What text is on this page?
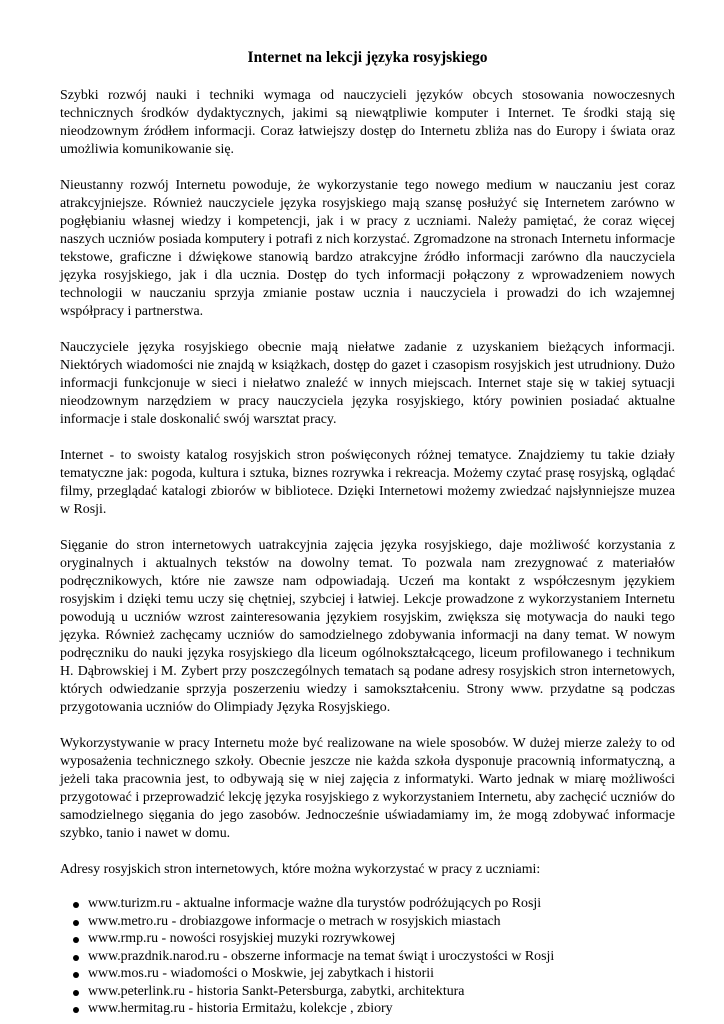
Internet na lekcji języka rosyjskiego

Szybki rozwój nauki i techniki wymaga od nauczycieli języków obcych stosowania nowoczesnych technicznych środków dydaktycznych, jakimi są niewątpliwie komputer i Internet. Te środki stają się nieodzownym źródłem informacji. Coraz łatwiejszy dostęp do Internetu zbliża nas do Europy i świata oraz umożliwia komunikowanie się.

Nieustanny rozwój Internetu powoduje, że wykorzystanie tego nowego medium w nauczaniu jest coraz atrakcyjniejsze. Również nauczyciele języka rosyjskiego mają szansę posłużyć się Internetem zarówno w pogłębianiu własnej wiedzy i kompetencji, jak i w pracy z uczniami. Należy pamiętać, że coraz więcej naszych uczniów posiada komputery i potrafi z nich korzystać. Zgromadzone na stronach Internetu informacje tekstowe, graficzne i dźwiękowe stanowią bardzo atrakcyjne źródło informacji zarówno dla nauczyciela języka rosyjskiego, jak i dla ucznia. Dostęp do tych informacji połączony z wprowadzeniem nowych technologii w nauczaniu sprzyja zmianie postaw ucznia i nauczyciela i prowadzi do ich wzajemnej współpracy i partnerstwa.

Nauczyciele języka rosyjskiego obecnie mają niełatwe zadanie z uzyskaniem bieżących informacji. Niektórych wiadomości nie znajdą w książkach, dostęp do gazet i czasopism rosyjskich jest utrudniony. Dużo informacji funkcjonuje w sieci i niełatwo znaleźć w innych miejscach. Internet staje się w takiej sytuacji nieodzownym narzędziem w pracy nauczyciela języka rosyjskiego, który powinien posiadać aktualne informacje i stale doskonalić swój warsztat pracy.

Internet - to swoisty katalog rosyjskich stron poświęconych różnej tematyce. Znajdziemy tu takie działy tematyczne jak: pogoda, kultura i sztuka, biznes rozrywka i rekreacja. Możemy czytać prasę rosyjską, oglądać filmy, przeglądać katalogi zbiorów w bibliotece. Dzięki Internetowi możemy zwiedzać najsłynniejsze muzea w Rosji.

Sięganie do stron internetowych uatrakcyjnia zajęcia języka rosyjskiego, daje możliwość korzystania z oryginalnych i aktualnych tekstów na dowolny temat. To pozwala nam zrezygnować z materiałów podręcznikowych, które nie zawsze nam odpowiadają. Uczeń ma kontakt z współczesnym językiem rosyjskim i dzięki temu uczy się chętniej, szybciej i łatwiej. Lekcje prowadzone z wykorzystaniem Internetu powodują u uczniów wzrost zainteresowania językiem rosyjskim, zwiększa się motywacja do nauki tego języka. Również zachęcamy uczniów do samodzielnego zdobywania informacji na dany temat. W nowym podręczniku do nauki języka rosyjskiego dla liceum ogólnokształcącego, liceum profilowanego i technikum H. Dąbrowskiej i M. Zybert przy poszczególnych tematach są podane adresy rosyjskich stron internetowych, których odwiedzanie sprzyja poszerzeniu wiedzy i samokształceniu. Strony www. przydatne są podczas przygotowania uczniów do Olimpiady Języka Rosyjskiego.

Wykorzystywanie w pracy Internetu może być realizowane na wiele sposobów. W dużej mierze zależy to od wyposażenia technicznego szkoły. Obecnie jeszcze nie każda szkoła dysponuje pracownią informatyczną, a jeżeli taka pracownia jest, to odbywają się w niej zajęcia z informatyki. Warto jednak w miarę możliwości przygotować i przeprowadzić lekcję języka rosyjskiego z wykorzystaniem Internetu, aby zachęcić uczniów do samodzielnego sięgania do jego zasobów. Jednocześnie uświadamiamy im, że mogą zdobywać informacje szybko, tanio i nawet w domu.

Adresy rosyjskich stron internetowych, które można wykorzystać w pracy z uczniami:

www.turizm.ru - aktualne informacje ważne dla turystów podróżujących po Rosji
www.metro.ru - drobiazgowe informacje o metrach w rosyjskich miastach
www.rmp.ru - nowości rosyjskiej muzyki rozrywkowej
www.prazdnik.narod.ru - obszerne informacje na temat świąt i uroczystości w Rosji
www.mos.ru - wiadomości o Moskwie, jej zabytkach i historii
www.peterlink.ru - historia Sankt-Petersburga, zabytki, architektura
www.hermitag.ru - historia Ermitażu, kolekcje , zbiory
